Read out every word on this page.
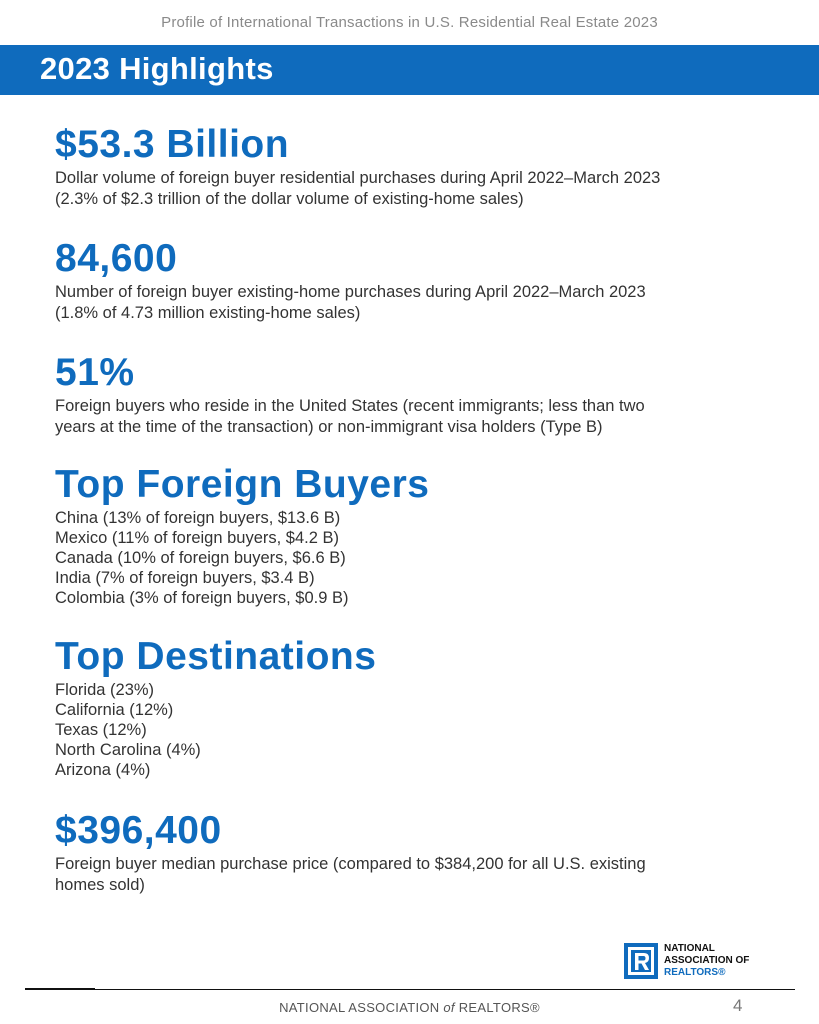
Profile of International Transactions in U.S. Residential Real Estate 2023
2023 Highlights
$53.3 Billion
Dollar volume of foreign buyer residential purchases during April 2022–March 2023
(2.3% of $2.3 trillion of the dollar volume of existing-home sales)
84,600
Number of foreign buyer existing-home purchases during April 2022–March 2023
(1.8% of 4.73 million existing-home sales)
51%
Foreign buyers who reside in the United States (recent immigrants; less than two
years at the time of the transaction) or non-immigrant visa holders (Type B)
Top Foreign Buyers
China (13% of foreign buyers, $13.6 B)
Mexico (11% of foreign buyers, $4.2 B)
Canada (10% of foreign buyers, $6.6 B)
India (7% of foreign buyers, $3.4 B)
Colombia (3% of foreign buyers, $0.9 B)
Top Destinations
Florida (23%)
California (12%)
Texas (12%)
North Carolina (4%)
Arizona (4%)
$396,400
Foreign buyer median purchase price (compared to $384,200 for all U.S. existing
homes sold)
NATIONAL
ASSOCIATION OF
REALTORS®
NATIONAL ASSOCIATION of REALTORS®	4
